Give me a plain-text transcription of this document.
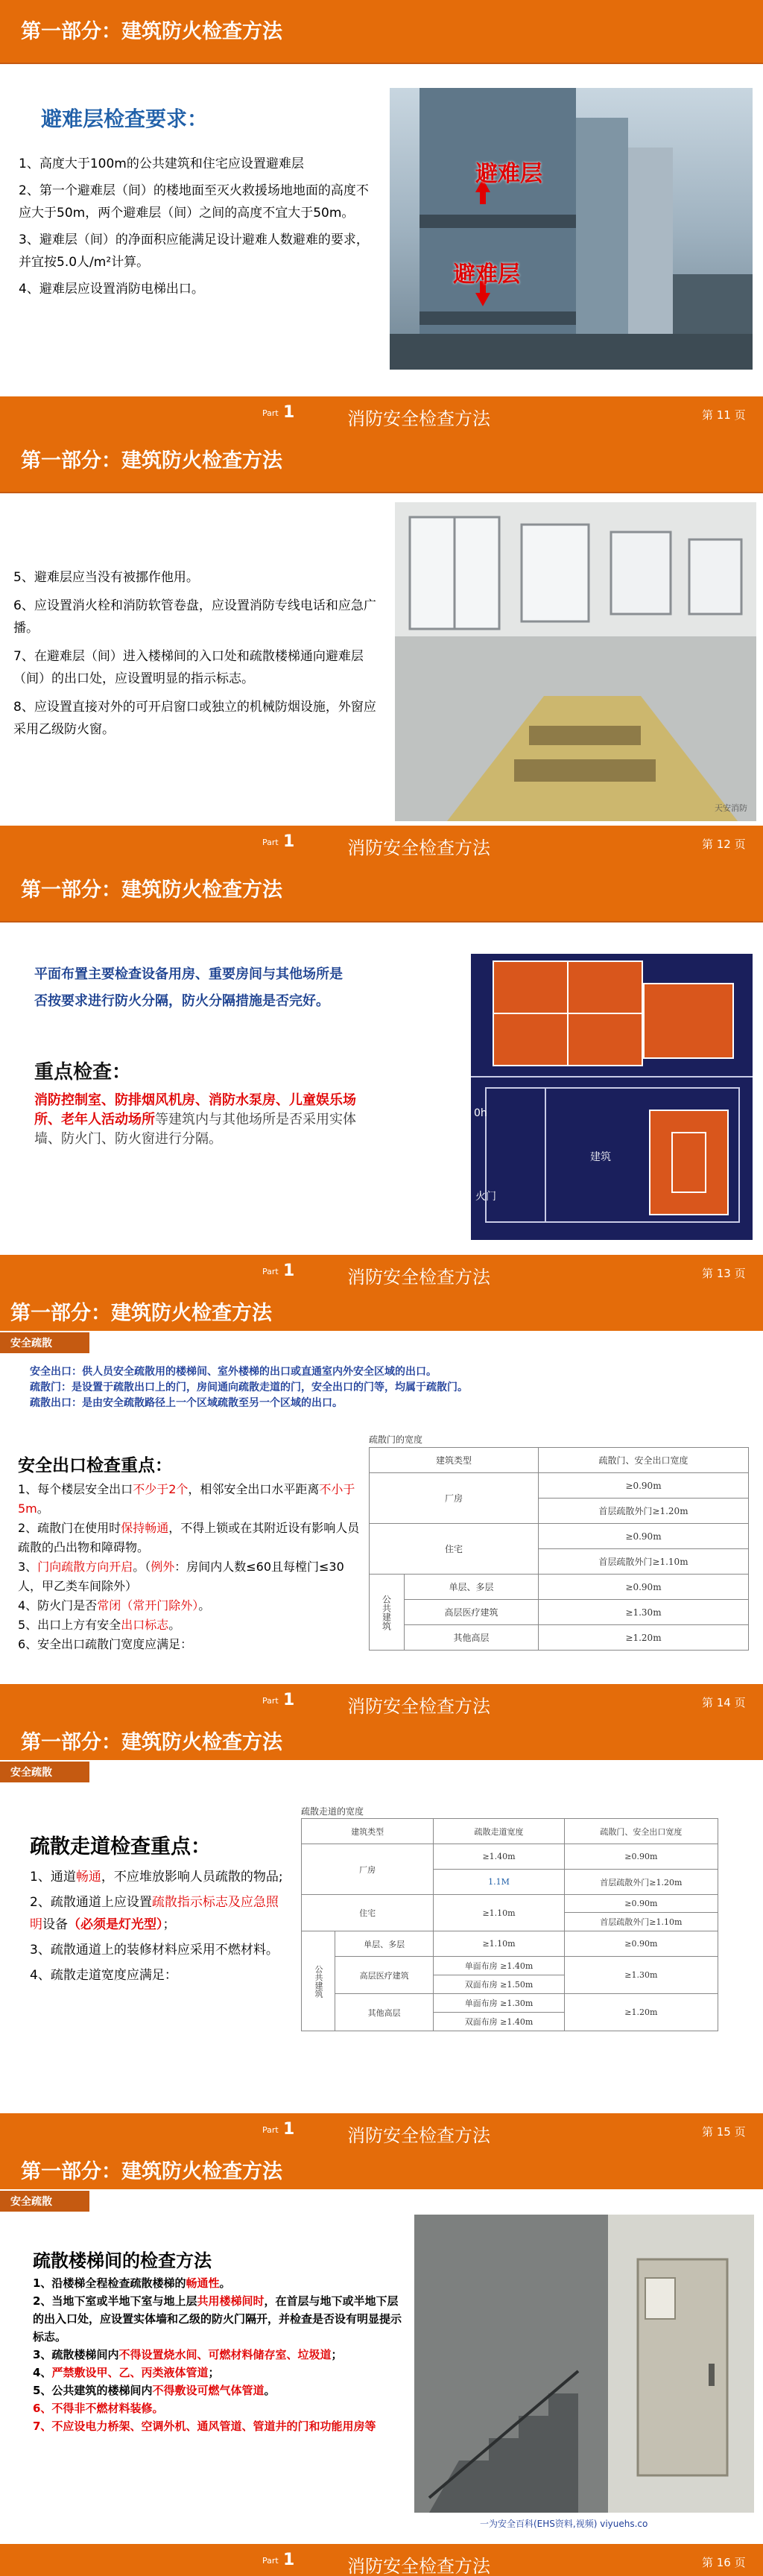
第一部分：建筑防火检查方法
避难层检查要求：
1、高度大于100m的公共建筑和住宅应设置避难层
2、第一个避难层（间）的楼地面至灭火救援场地地面的高度不应大于50m，两个避难层（间）之间的高度不宜大于50m。
3、避难层（间）的净面积应能满足设计避难人数避难的要求，并宜按5.0人/m²计算。
4、避难层应设置消防电梯出口。
避难层
避难层
Part 1	消防安全检查方法	第 11 页
第一部分：建筑防火检查方法
5、避难层应当没有被挪作他用。
6、应设置消火栓和消防软管卷盘，应设置消防专线电话和应急广播。
7、在避难层（间）进入楼梯间的入口处和疏散楼梯通向避难层（间）的出口处，应设置明显的指示标志。
8、应设置直接对外的可开启窗口或独立的机械防烟设施，外窗应采用乙级防火窗。
天安消防
Part 1	消防安全检查方法	第 12 页
第一部分：建筑防火检查方法
平面布置主要检查设备用房、重要房间与其他场所是否按要求进行防火分隔，防火分隔措施是否完好。
重点检查：
消防控制室、防排烟风机房、消防水泵房、儿童娱乐场所、老年人活动场所等建筑内与其他场所是否采用实体墙、防火门、防火窗进行分隔。
建筑
火门
0h
Part 1	消防安全检查方法	第 13 页
第一部分：建筑防火检查方法
安全疏散
安全出口：供人员安全疏散用的楼梯间、室外楼梯的出口或直通室内外安全区域的出口。
疏散门：是设置于疏散出口上的门，房间通向疏散走道的门，安全出口的门等，均属于疏散门。
疏散出口：是由安全疏散路径上一个区域疏散至另一个区域的出口。
安全出口检查重点：
1、每个楼层安全出口不少于2个，相邻安全出口水平距离不小于5m。
2、疏散门在使用时保持畅通，不得上锁或在其附近设有影响人员疏散的凸出物和障碍物。
3、门向疏散方向开启。（例外：房间内人数≤60且每樘门≤30人，甲乙类车间除外）
4、防火门是否常闭（常开门除外）。
5、出口上方有安全出口标志。
6、安全出口疏散门宽度应满足：
疏散门的宽度
建筑类型		疏散门、安全出口宽度
厂房		≥0.90m
		首层疏散外门≥1.20m
住宅		≥0.90m
		首层疏散外门≥1.10m
公共建筑	单层、多层	≥0.90m
	高层医疗建筑	≥1.30m
	其他高层	≥1.20m
Part 1	消防安全检查方法	第 14 页
第一部分：建筑防火检查方法
安全疏散
疏散走道检查重点：
1、通道畅通，不应堆放影响人员疏散的物品;
2、疏散通道上应设置疏散指示标志及应急照明设备（必须是灯光型）；
3、疏散通道上的装修材料应采用不燃材料。
4、疏散走道宽度应满足：
疏散走道的宽度
建筑类型		疏散走道宽度	疏散门、安全出口宽度
厂房		≥1.40m	≥0.90m
		1.1M	首层疏散外门≥1.20m
住宅		≥1.10m	≥0.90m
			首层疏散外门≥1.10m
公共建筑	单层、多层	≥1.10m	≥0.90m
	高层医疗建筑	单面布房 ≥1.40m	≥1.30m
		双面布房 ≥1.50m	
	其他高层	单面布房 ≥1.30m	≥1.20m
		双面布房 ≥1.40m	
Part 1	消防安全检查方法	第 15 页
第一部分：建筑防火检查方法
安全疏散
疏散楼梯间的检查方法
1、沿楼梯全程检查疏散楼梯的畅通性。
2、当地下室或半地下室与地上层共用楼梯间时，在首层与地下或半地下层的出入口处，应设置实体墙和乙级的防火门隔开，并检查是否设有明显提示标志。
3、疏散楼梯间内不得设置烧水间、可燃材料储存室、垃圾道；
4、严禁敷设甲、乙、丙类液体管道；
5、公共建筑的楼梯间内不得敷设可燃气体管道。
6、不得非不燃材料装修。
7、不应设电力桥架、空调外机、通风管道、管道井的门和功能用房等
一为安全百科(EHS资料,视频) viyuehs.co
Part 1	消防安全检查方法	第 16 页
